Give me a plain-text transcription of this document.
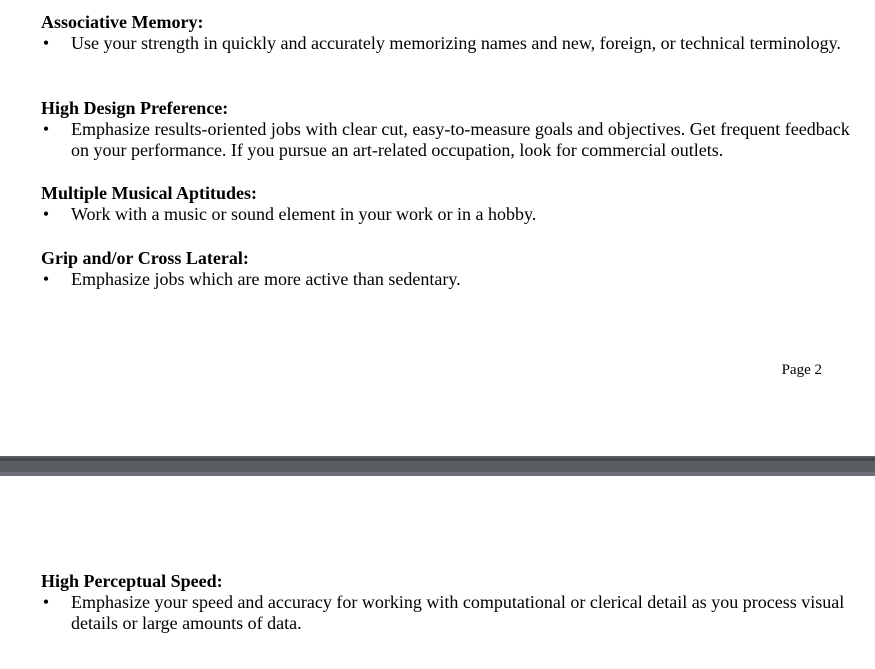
Associative Memory:

• Use your strength in quickly and accurately memorizing names and new, foreign, or technical terminology.

High Design Preference:

• Emphasize results-oriented jobs with clear cut, easy-to-measure goals and objectives. Get frequent feedback on your performance. If you pursue an art-related occupation, look for commercial outlets.

Multiple Musical Aptitudes:

• Work with a music or sound element in your work or in a hobby.

Grip and/or Cross Lateral:

• Emphasize jobs which are more active than sedentary.
Page 2

High Perceptual Speed:

• Emphasize your speed and accuracy for working with computational or clerical detail as you process visual details or large amounts of data.
